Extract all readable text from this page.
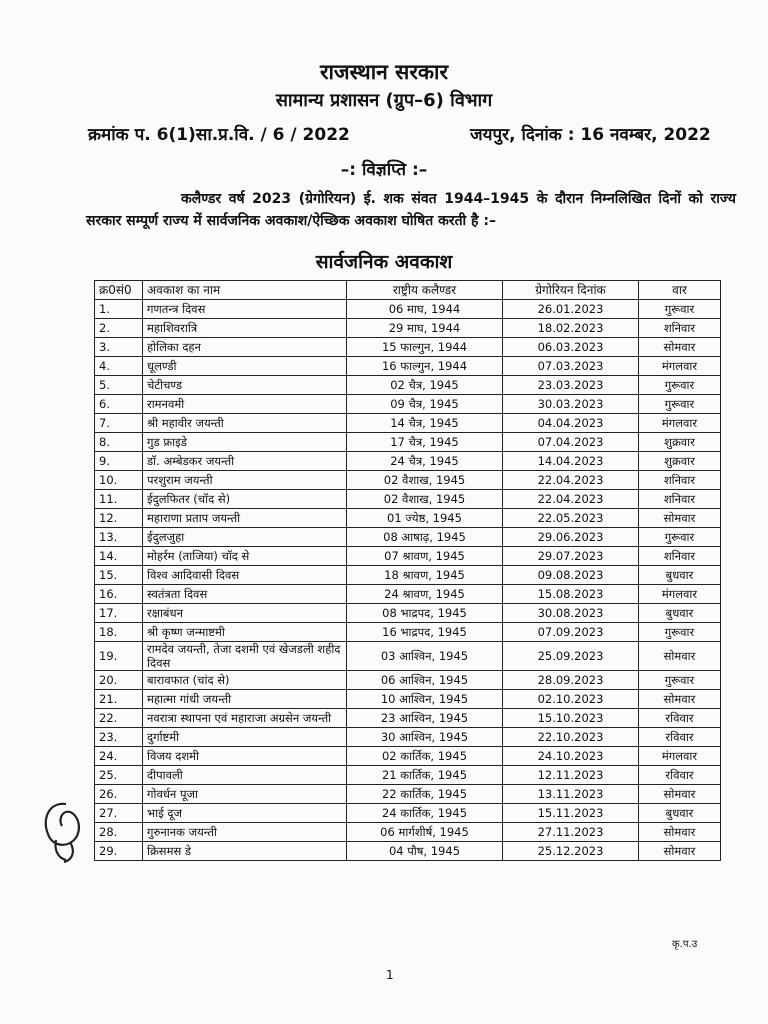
राजस्थान सरकार
सामान्य प्रशासन (ग्रुप–6) विभाग
क्रमांक प. 6(1)सा.प्र.वि. / 6 / 2022	जयपुर, दिनांक : 16 नवम्बर, 2022
–: विज्ञप्ति :–
कलैण्डर वर्ष 2023 (ग्रेगोरियन) ई. शक संवत 1944–1945 के दौरान निम्नलिखित दिनों को राज्य सरकार सम्पूर्ण राज्य में सार्वजनिक अवकाश/ऐच्छिक अवकाश घोषित करती है :–
सार्वजनिक अवकाश
क्र0सं0	अवकाश का नाम	राष्ट्रीय कलैण्डर	ग्रेगोरियन दिनांक	वार
1.	गणतन्त्र दिवस	06 माघ, 1944	26.01.2023	गुरूवार
2.	महाशिवरात्रि	29 माघ, 1944	18.02.2023	शनिवार
3.	होलिका दहन	15 फाल्गुन, 1944	06.03.2023	सोमवार
4.	धूलण्डी	16 फाल्गुन, 1944	07.03.2023	मंगलवार
5.	चेटीचण्ड	02 चैत्र, 1945	23.03.2023	गुरूवार
6.	रामनवमी	09 चैत्र, 1945	30.03.2023	गुरूवार
7.	श्री महावीर जयन्ती	14 चैत्र, 1945	04.04.2023	मंगलवार
8.	गुड फ्राइडे	17 चैत्र, 1945	07.04.2023	शुक्रवार
9.	डॉ. अम्बेडकर जयन्ती	24 चैत्र, 1945	14.04.2023	शुक्रवार
10.	परशुराम जयन्ती	02 वैशाख, 1945	22.04.2023	शनिवार
11.	ईदुलफितर (चॉद से)	02 वैशाख, 1945	22.04.2023	शनिवार
12.	महाराणा प्रताप जयन्ती	01 ज्येष्ठ, 1945	22.05.2023	सोमवार
13.	ईदुलजुहा	08 आषाढ़, 1945	29.06.2023	गुरूवार
14.	मोहर्रम (ताजिया) चॉद से	07 श्रावण, 1945	29.07.2023	शनिवार
15.	विश्व आदिवासी दिवस	18 श्रावण, 1945	09.08.2023	बुधवार
16.	स्वतंत्रता दिवस	24 श्रावण, 1945	15.08.2023	मंगलवार
17.	रक्षाबंधन	08 भाद्रपद, 1945	30.08.2023	बुधवार
18.	श्री कृष्ण जन्माष्टमी	16 भाद्रपद, 1945	07.09.2023	गुरूवार
19.	रामदेव जयन्ती, तेजा दशमी एवं खेजडली शहीद दिवस	03 आश्विन, 1945	25.09.2023	सोमवार
20.	बारावफात (चांद से)	06 आश्विन, 1945	28.09.2023	गुरूवार
21.	महात्मा गांधी जयन्ती	10 आश्विन, 1945	02.10.2023	सोमवार
22.	नवरात्रा स्थापना एवं महाराजा अग्रसेन जयन्ती	23 आश्विन, 1945	15.10.2023	रविवार
23.	दुर्गाष्टमी	30 आश्विन, 1945	22.10.2023	रविवार
24.	विजय दशमी	02 कार्तिक, 1945	24.10.2023	मंगलवार
25.	दीपावली	21 कार्तिक, 1945	12.11.2023	रविवार
26.	गोवर्धन पूजा	22 कार्तिक, 1945	13.11.2023	सोमवार
27.	भाई दूज	24 कार्तिक, 1945	15.11.2023	बुधवार
28.	गुरुनानक जयन्ती	06 मार्गशीर्ष, 1945	27.11.2023	सोमवार
29.	क्रिसमस डे	04 पौष, 1945	25.12.2023	सोमवार
कृ.प.उ
1
